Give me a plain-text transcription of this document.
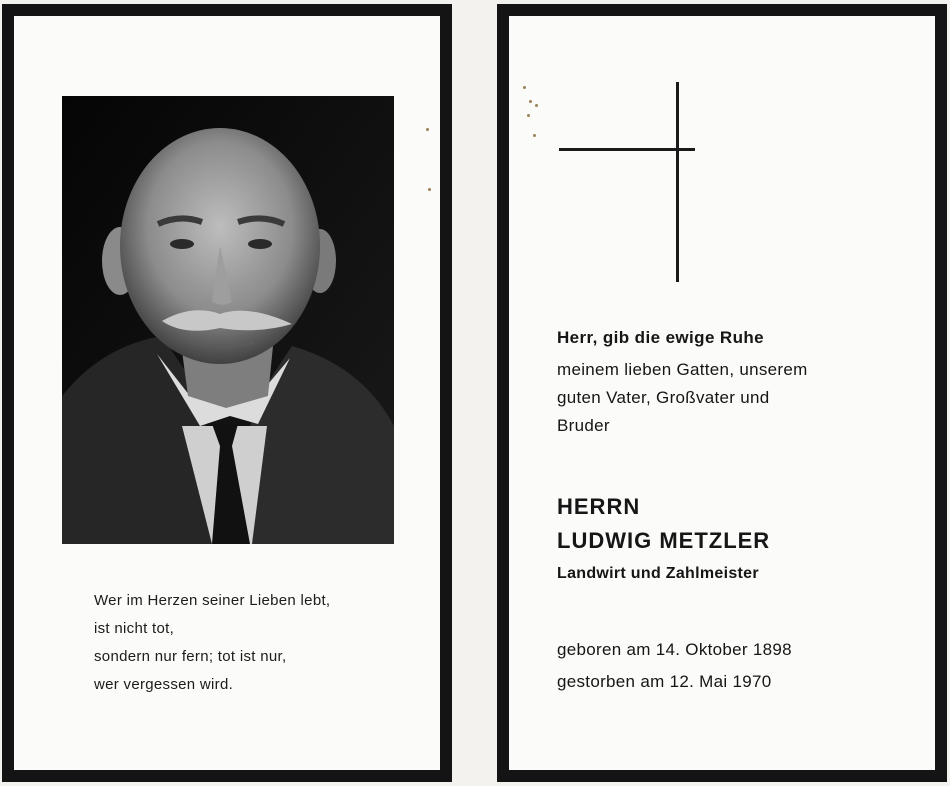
Wer im Herzen seiner Lieben lebt,
ist nicht tot,
sondern nur fern; tot ist nur,
wer vergessen wird.
Herr, gib die ewige Ruhe
meinem lieben Gatten, unserem
guten Vater, Großvater und
Bruder
HERRN
LUDWIG METZLER
Landwirt und Zahlmeister
geboren am 14. Oktober 1898
gestorben am 12. Mai 1970
